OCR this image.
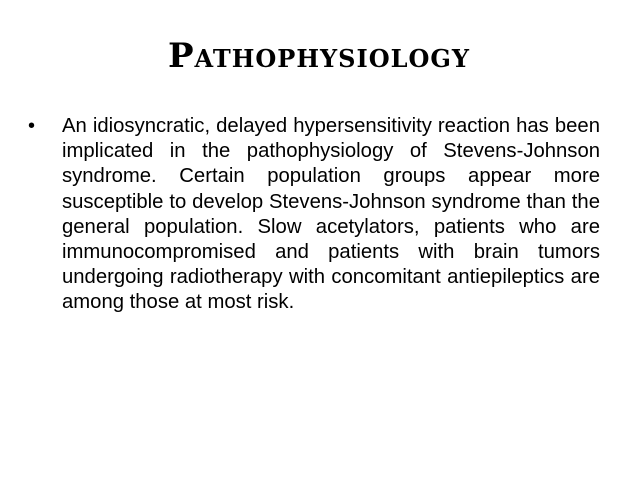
Pathophysiology
•	An idiosyncratic, delayed hypersensitivity reaction has been implicated in the pathophysiology of Stevens-Johnson syndrome. Certain population groups appear more susceptible to develop Stevens-Johnson syndrome than the general population. Slow acetylators, patients who are immunocompromised and patients with brain tumors undergoing radiotherapy with concomitant antiepileptics are among those at most risk.
